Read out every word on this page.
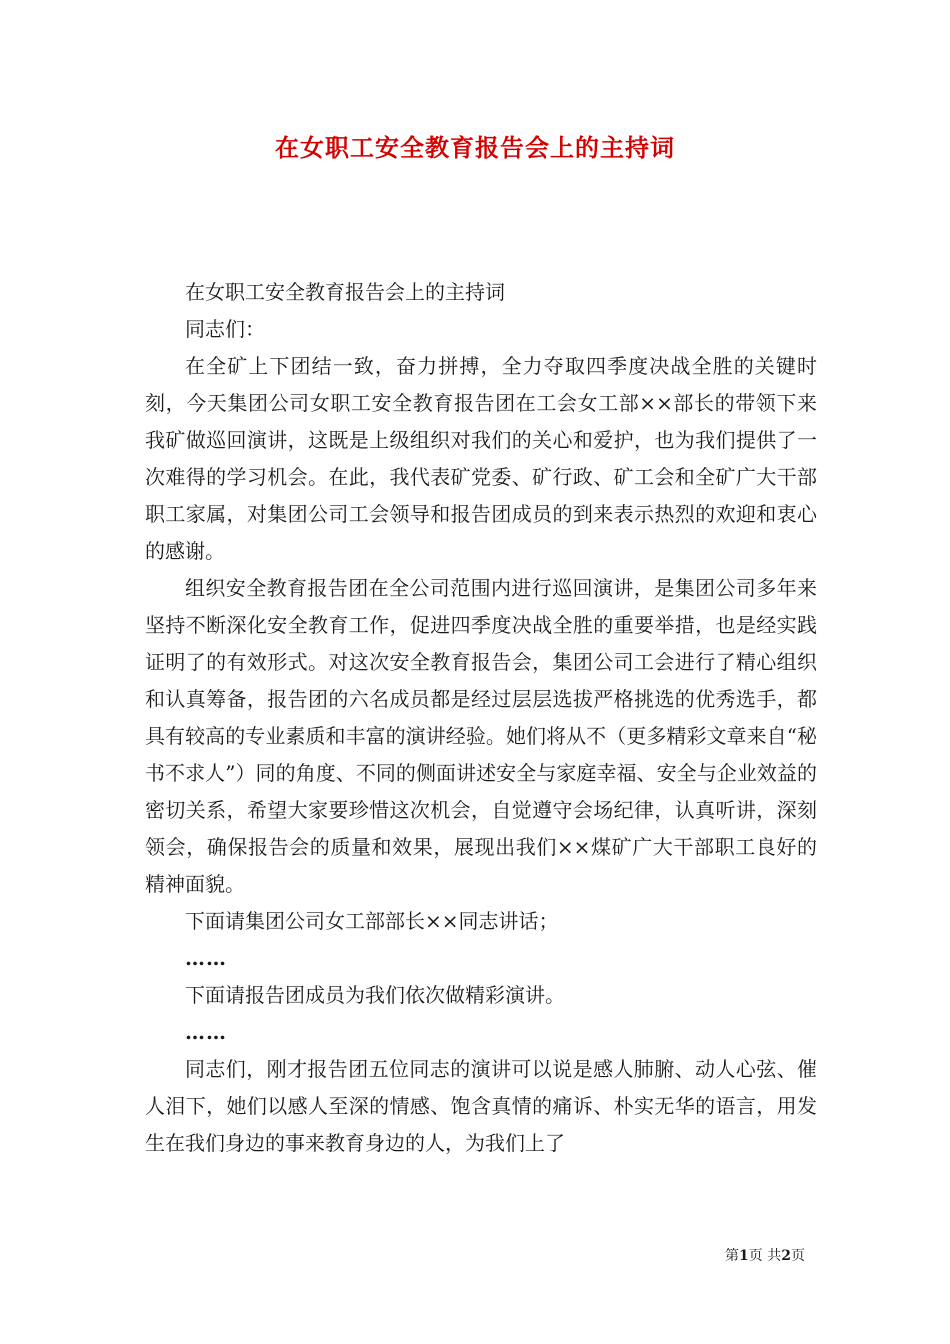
在女职工安全教育报告会上的主持词

在女职工安全教育报告会上的主持词

同志们：

在全矿上下团结一致，奋力拼搏，全力夺取四季度决战全胜的关键时刻，今天集团公司女职工安全教育报告团在工会女工部××部长的带领下来我矿做巡回演讲，这既是上级组织对我们的关心和爱护，也为我们提供了一次难得的学习机会。在此，我代表矿党委、矿行政、矿工会和全矿广大干部职工家属，对集团公司工会领导和报告团成员的到来表示热烈的欢迎和衷心的感谢。

组织安全教育报告团在全公司范围内进行巡回演讲，是集团公司多年来坚持不断深化安全教育工作，促进四季度决战全胜的重要举措，也是经实践证明了的有效形式。对这次安全教育报告会，集团公司工会进行了精心组织和认真筹备，报告团的六名成员都是经过层层选拔严格挑选的优秀选手，都具有较高的专业素质和丰富的演讲经验。她们将从不（更多精彩文章来自“秘书不求人”）同的角度、不同的侧面讲述安全与家庭幸福、安全与企业效益的密切关系，希望大家要珍惜这次机会，自觉遵守会场纪律，认真听讲，深刻领会，确保报告会的质量和效果，展现出我们××煤矿广大干部职工良好的精神面貌。

下面请集团公司女工部部长××同志讲话；

……

下面请报告团成员为我们依次做精彩演讲。

……

同志们，刚才报告团五位同志的演讲可以说是感人肺腑、动人心弦、催人泪下，她们以感人至深的情感、饱含真情的痛诉、朴实无华的语言，用发生在我们身边的事来教育身边的人，为我们上了

第1页 共2页
